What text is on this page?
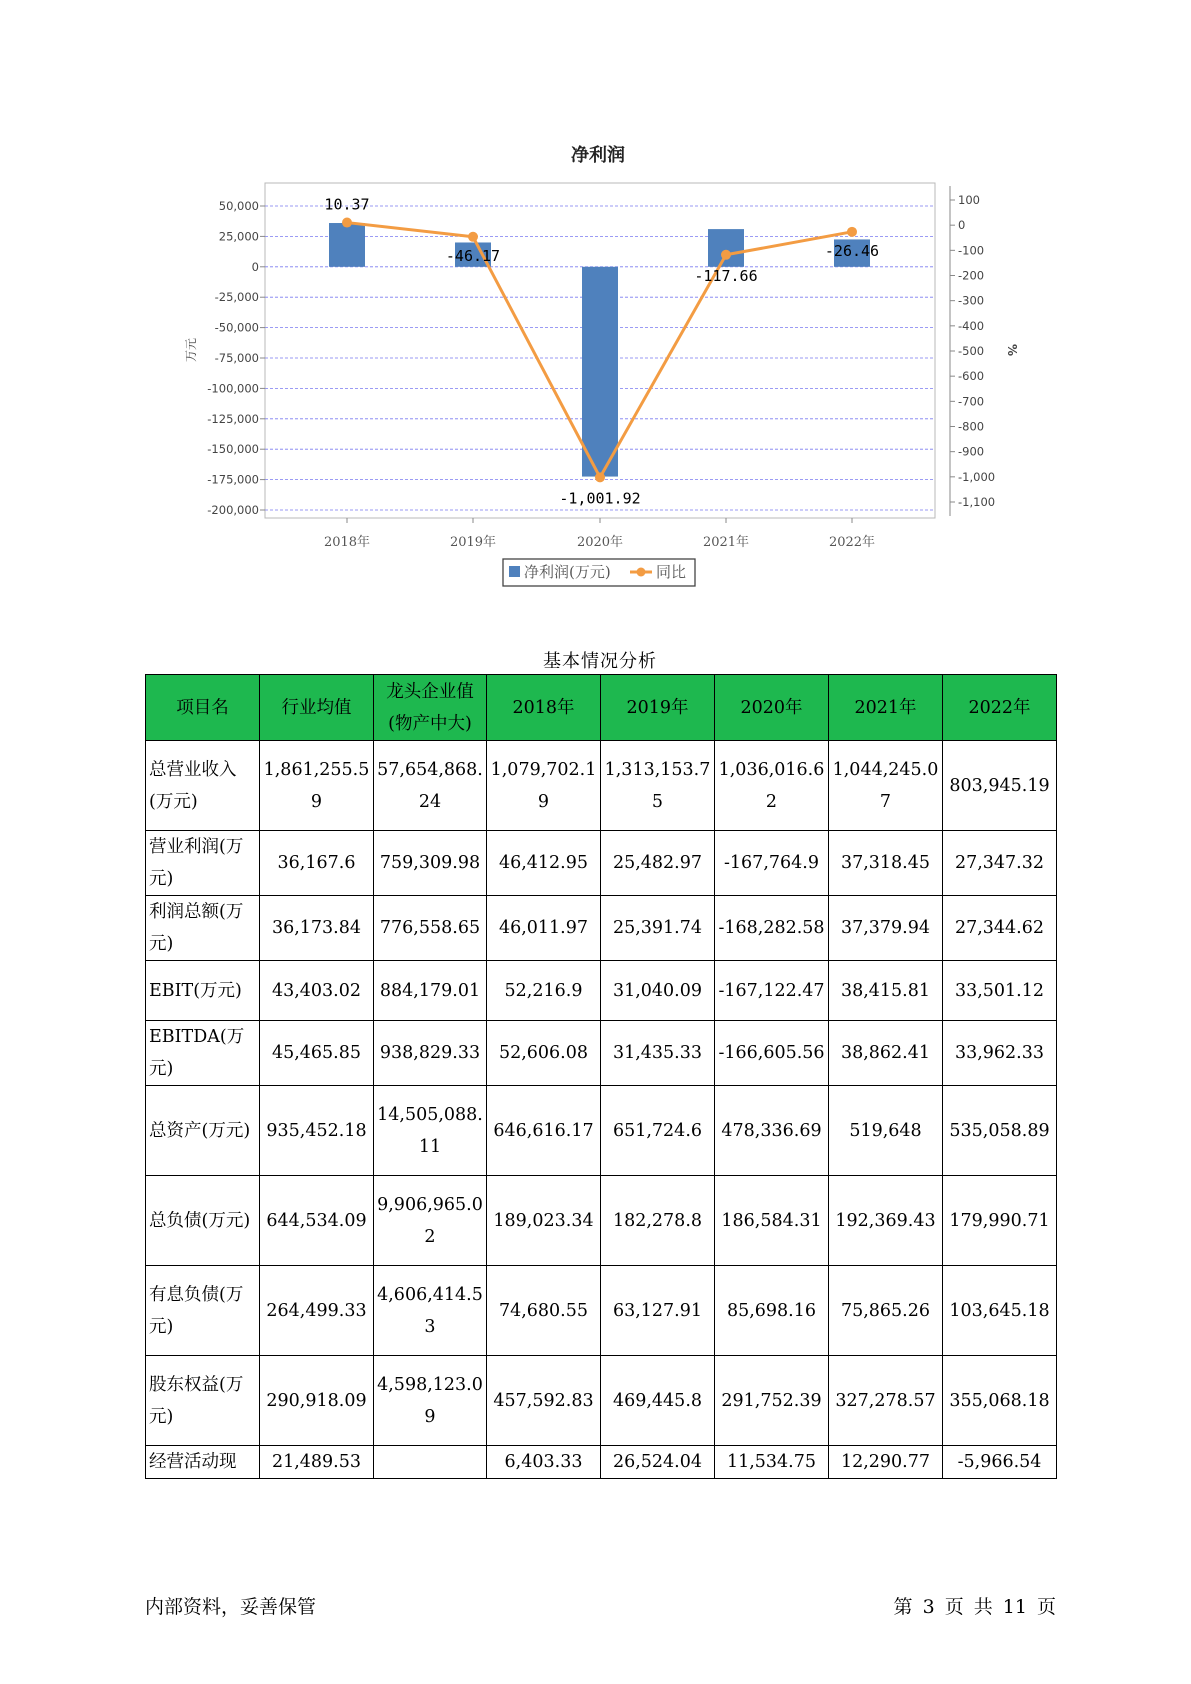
净利润
50,000
25,000
0
-25,000
-50,000
-75,000
-100,000
-125,000
-150,000
-175,000
-200,000
万元
100
0
-100
-200
-300
-400
-500
-600
-700
-800
-900
-1,000
-1,100
%
2018年	2019年	2020年	2021年	2022年
10.37
-46.17
-1,001.92
-117.66
-26.46
净利润(万元)	同比
基本情况分析
项目名	行业均值	龙头企业值(物产中大)	2018年	2019年	2020年	2021年	2022年
总营业收入(万元)	1,861,255.59	57,654,868.24	1,079,702.19	1,313,153.75	1,036,016.62	1,044,245.07	803,945.19
营业利润(万元)	36,167.6	759,309.98	46,412.95	25,482.97	-167,764.9	37,318.45	27,347.32
利润总额(万元)	36,173.84	776,558.65	46,011.97	25,391.74	-168,282.58	37,379.94	27,344.62
EBIT(万元)	43,403.02	884,179.01	52,216.9	31,040.09	-167,122.47	38,415.81	33,501.12
EBITDA(万元)	45,465.85	938,829.33	52,606.08	31,435.33	-166,605.56	38,862.41	33,962.33
总资产(万元)	935,452.18	14,505,088.11	646,616.17	651,724.6	478,336.69	519,648	535,058.89
总负债(万元)	644,534.09	9,906,965.02	189,023.34	182,278.8	186,584.31	192,369.43	179,990.71
有息负债(万元)	264,499.33	4,606,414.53	74,680.55	63,127.91	85,698.16	75,865.26	103,645.18
股东权益(万元)	290,918.09	4,598,123.09	457,592.83	469,445.8	291,752.39	327,278.57	355,068.18
经营活动现	21,489.53		6,403.33	26,524.04	11,534.75	12,290.77	-5,966.54
内部资料，妥善保管	第 3 页 共 11 页
